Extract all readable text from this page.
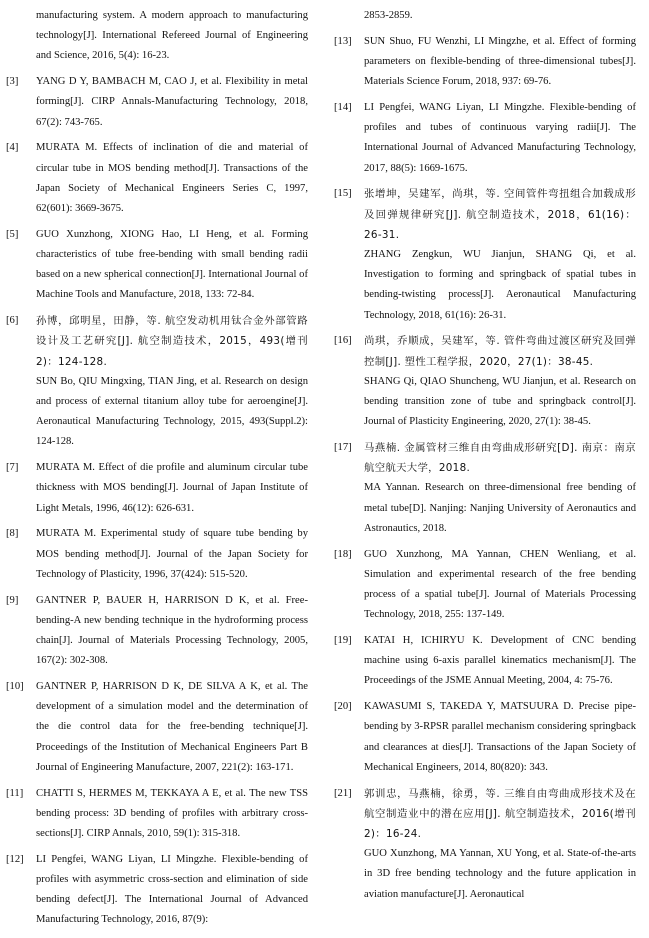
manufacturing system. A modern approach to manufacturing technology[J]. International Refereed Journal of Engineering and Science, 2016, 5(4): 16-23.
[3]	YANG D Y, BAMBACH M, CAO J, et al. Flexibility in metal forming[J]. CIRP Annals-Manufacturing Technology, 2018, 67(2): 743-765.
[4]	MURATA M. Effects of inclination of die and material of circular tube in MOS bending method[J]. Transactions of the Japan Society of Mechanical Engineers Series C, 1997, 62(601): 3669-3675.
[5]	GUO Xunzhong, XIONG Hao, LI Heng, et al. Forming characteristics of tube free-bending with small bending radii based on a new spherical connection[J]. International Journal of Machine Tools and Manufacture, 2018, 133: 72-84.
[6]	孙博，邱明星，田静，等. 航空发动机用钛合金外部管路设计及工艺研究[J]. 航空制造技术，2015，493(增刊2)：124-128.
SUN Bo, QIU Mingxing, TIAN Jing, et al. Research on design and process of external titanium alloy tube for aeroengine[J]. Aeronautical Manufacturing Technology, 2015, 493(Suppl.2): 124-128.
[7]	MURATA M. Effect of die profile and aluminum circular tube thickness with MOS bending[J]. Journal of Japan Institute of Light Metals, 1996, 46(12): 626-631.
[8]	MURATA M. Experimental study of square tube bending by MOS bending method[J]. Journal of the Japan Society for Technology of Plasticity, 1996, 37(424): 515-520.
[9]	GANTNER P, BAUER H, HARRISON D K, et al. Free-bending-A new bending technique in the hydroforming process chain[J]. Journal of Materials Processing Technology, 2005, 167(2): 302-308.
[10]	GANTNER P, HARRISON D K, DE SILVA A K, et al. The development of a simulation model and the determination of the die control data for the free-bending technique[J]. Proceedings of the Institution of Mechanical Engineers Part B Journal of Engineering Manufacture, 2007, 221(2): 163-171.
[11]	CHATTI S, HERMES M, TEKKAYA A E, et al. The new TSS bending process: 3D bending of profiles with arbitrary cross-sections[J]. CIRP Annals, 2010, 59(1): 315-318.
[12]	LI Pengfei, WANG Liyan, LI Mingzhe. Flexible-bending of profiles with asymmetric cross-section and elimination of side bending defect[J]. The International Journal of Advanced Manufacturing Technology, 2016, 87(9):
2853-2859.
[13]	SUN Shuo, FU Wenzhi, LI Mingzhe, et al. Effect of forming parameters on flexible-bending of three-dimensional tubes[J]. Materials Science Forum, 2018, 937: 69-76.
[14]	LI Pengfei, WANG Liyan, LI Mingzhe. Flexible-bending of profiles and tubes of continuous varying radii[J]. The International Journal of Advanced Manufacturing Technology, 2017, 88(5): 1669-1675.
[15]	张增坤，吴建军，尚琪，等. 空间管件弯扭组合加载成形及回弹规律研究[J]. 航空制造技术，2018，61(16)：26-31.
ZHANG Zengkun, WU Jianjun, SHANG Qi, et al. Investigation to forming and springback of spatial tubes in bending-twisting process[J]. Aeronautical Manufacturing Technology, 2018, 61(16): 26-31.
[16]	尚琪，乔顺成，吴建军，等. 管件弯曲过渡区研究及回弹控制[J]. 塑性工程学报，2020，27(1)：38-45.
SHANG Qi, QIAO Shuncheng, WU Jianjun, et al. Research on bending transition zone of tube and springback control[J]. Journal of Plasticity Engineering, 2020, 27(1): 38-45.
[17]	马燕楠. 金属管材三维自由弯曲成形研究[D]. 南京：南京航空航天大学，2018.
MA Yannan. Research on three-dimensional free bending of metal tube[D]. Nanjing: Nanjing University of Aeronautics and Astronautics, 2018.
[18]	GUO Xunzhong, MA Yannan, CHEN Wenliang, et al. Simulation and experimental research of the free bending process of a spatial tube[J]. Journal of Materials Processing Technology, 2018, 255: 137-149.
[19]	KATAI H, ICHIRYU K. Development of CNC bending machine using 6-axis parallel kinematics mechanism[J]. The Proceedings of the JSME Annual Meeting, 2004, 4: 75-76.
[20]	KAWASUMI S, TAKEDA Y, MATSUURA D. Precise pipe-bending by 3-RPSR parallel mechanism considering springback and clearances at dies[J]. Transactions of the Japan Society of Mechanical Engineers, 2014, 80(820): 343.
[21]	郭训忠，马燕楠，徐勇，等. 三维自由弯曲成形技术及在航空制造业中的潜在应用[J]. 航空制造技术，2016(增刊2)：16-24.
GUO Xunzhong, MA Yannan, XU Yong, et al. State-of-the-arts in 3D free bending technology and the future application in aviation manufacture[J]. Aeronautical
